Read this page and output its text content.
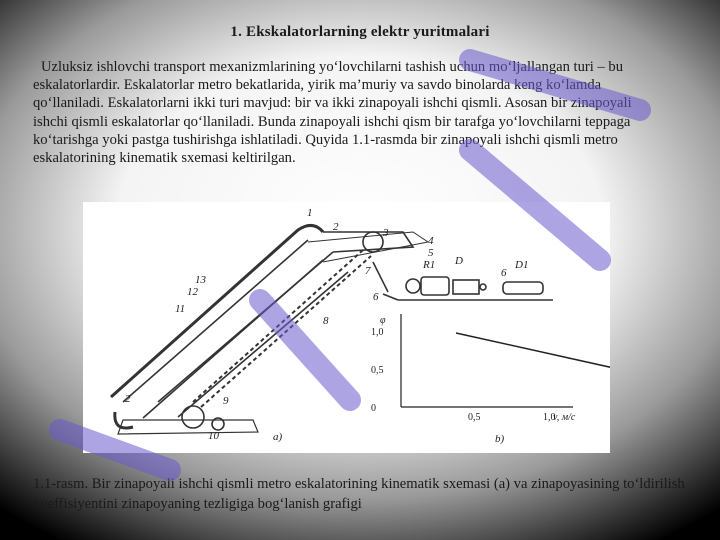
1. Ekskalatorlarning elektr yuritmalari

Uzluksiz ishlovchi transport mexanizmlarining yo‘lovchilarni tashish uchun mo‘ljallangan turi – bu eskalatorlardir. Eskalatorlar metro bekatlarida, yirik ma’muriy va savdo binolarda keng ko‘lamda qo‘llaniladi. Eskalatorlarni ikki turi mavjud: bir va ikki zinapoyali ishchi qismli. Asosan bir zinapoyali ishchi qismli eskalatorlar qo‘llaniladi. Bunda zinapoyali ishchi qism bir tarafga yo‘lovchilarni teppaga ko‘tarishga yoki pastga tushirishga ishlatiladi. Quyida 1.1-rasmda bir zinapoyali ishchi qismli metro eskalatorining kinematik sxemasi keltirilgan.

1
2	3
4
5
6
6
7
8
9
10
11
12
13
2
R1 D	D1
a)
φ
1,0
0,5
0
0,5	1,0
v, м/с
b)

1.1-rasm. Bir zinapoyali ishchi qismli metro eskalatorining kinematik sxemasi (a) va zinapoyasining to‘ldirilish koeffisiyentini zinapoyaning tezligiga bog‘lanish grafigi
